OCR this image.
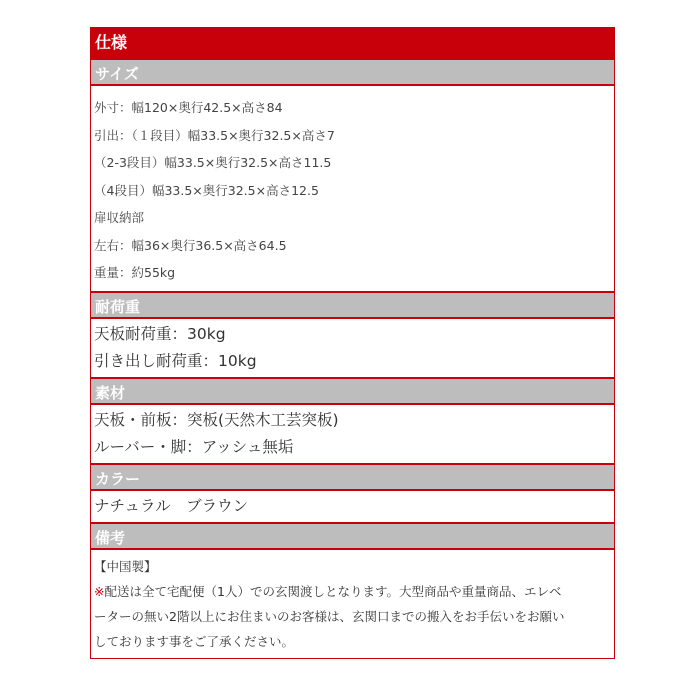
仕様
サイズ
外寸：幅120×奥行42.5×高さ84
引出：（１段目）幅33.5×奥行32.5×高さ7
（2-3段目）幅33.5×奥行32.5×高さ11.5
（4段目）幅33.5×奥行32.5×高さ12.5
扉収納部
左右：幅36×奥行36.5×高さ64.5
重量：約55kg
耐荷重
天板耐荷重：30kg
引き出し耐荷重：10kg
素材
天板・前板：突板(天然木工芸突板)
ルーバー・脚：アッシュ無垢
カラー
ナチュラル　ブラウン
備考
【中国製】
※配送は全て宅配便（1人）での玄関渡しとなります。大型商品や重量商品、エレベ
ーターの無い2階以上にお住まいのお客様は、玄関口までの搬入をお手伝いをお願い
しております事をご了承ください。
